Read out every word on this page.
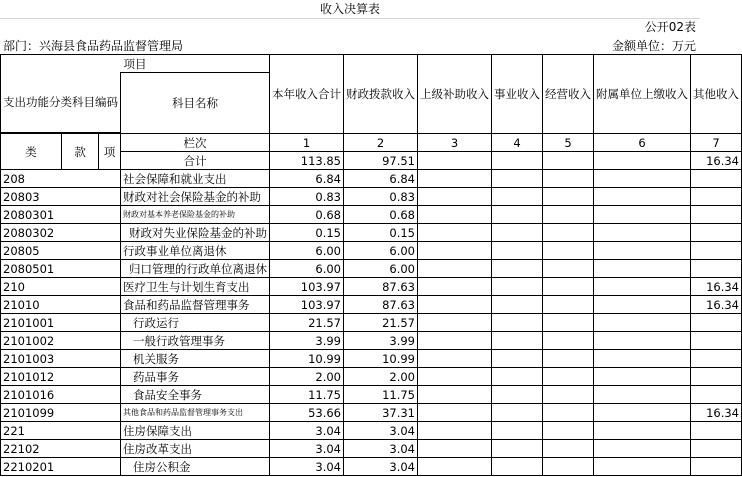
收入决算表
公开02表
部门：兴海县食品药品监督管理局	金额单位：万元
项目				本年收入合计	财政拨款收入	上级补助收入	事业收入	经营收入	附属单位上缴收入	其他收入
支出功能分类科目编码			科目名称							

类	款	项	栏次	1	2	3	4	5	6	7
			合计	113.85	97.51					16.34
208			社会保障和就业支出	6.84	6.84					
20803			财政对社会保险基金的补助	0.83	0.83					
2080301			财政对基本养老保险基金的补助	0.68	0.68					
2080302			财政对失业保险基金的补助	0.15	0.15					
20805			行政事业单位离退休	6.00	6.00					
2080501			归口管理的行政单位离退休	6.00	6.00					
210			医疗卫生与计划生育支出	103.97	87.63					16.34
21010			食品和药品监督管理事务	103.97	87.63					16.34
2101001			行政运行	21.57	21.57					
2101002			一般行政管理事务	3.99	3.99					
2101003			机关服务	10.99	10.99					
2101012			药品事务	2.00	2.00					
2101016			食品安全事务	11.75	11.75					
2101099			其他食品和药品监督管理事务支出	53.66	37.31					16.34
221			住房保障支出	3.04	3.04					
22102			住房改革支出	3.04	3.04					
2210201			住房公积金	3.04	3.04					
